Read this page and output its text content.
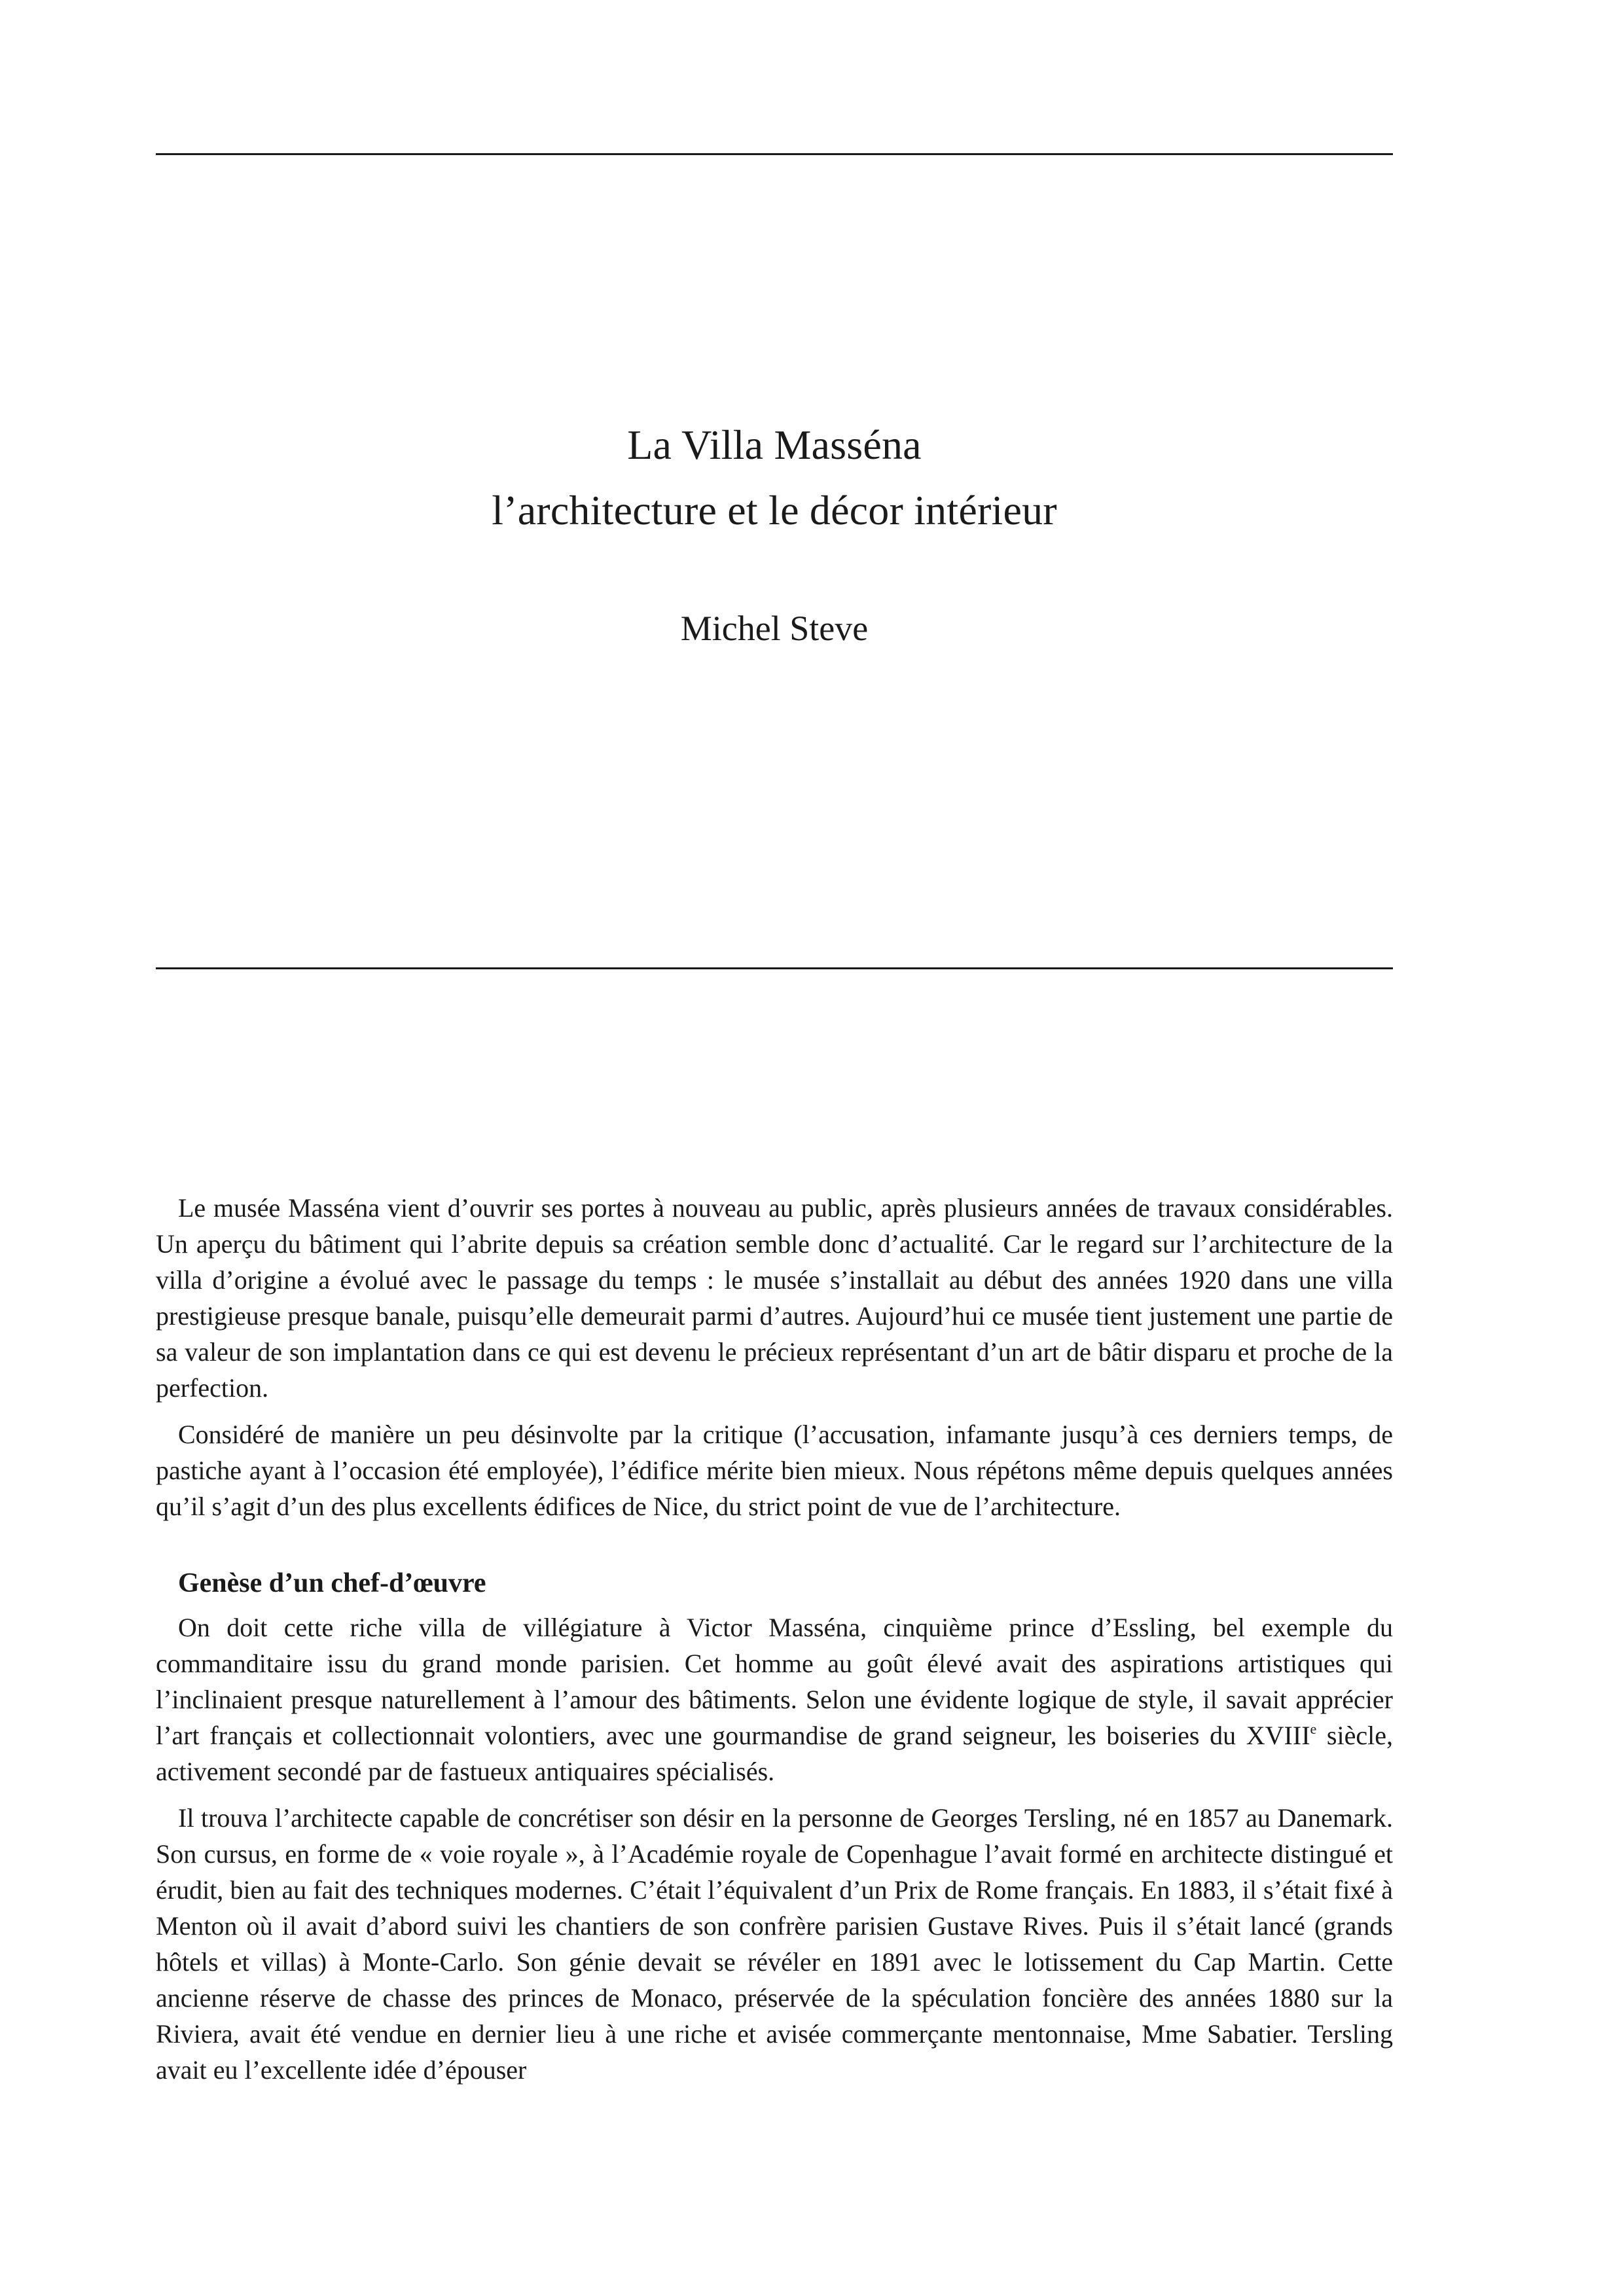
La Villa Masséna
l’architecture et le décor intérieur
Michel Steve

Le musée Masséna vient d’ouvrir ses portes à nouveau au public, après plusieurs années de travaux considérables. Un aperçu du bâtiment qui l’abrite depuis sa création semble donc d’actualité. Car le regard sur l’architecture de la villa d’origine a évolué avec le passage du temps : le musée s’installait au début des années 1920 dans une villa prestigieuse presque banale, puisqu’elle demeurait parmi d’autres. Aujourd’hui ce musée tient justement une partie de sa valeur de son implantation dans ce qui est devenu le précieux représentant d’un art de bâtir disparu et proche de la perfection.

Considéré de manière un peu désinvolte par la critique (l’accusation, infamante jusqu’à ces derniers temps, de pastiche ayant à l’occasion été employée), l’édifice mérite bien mieux. Nous répétons même depuis quelques années qu’il s’agit d’un des plus excellents édifices de Nice, du strict point de vue de l’architecture.

Genèse d’un chef-d’œuvre

On doit cette riche villa de villégiature à Victor Masséna, cinquième prince d’Essling, bel exemple du commanditaire issu du grand monde parisien. Cet homme au goût élevé avait des aspirations artistiques qui l’inclinaient presque naturellement à l’amour des bâtiments. Selon une évidente logique de style, il savait apprécier l’art français et collectionnait volontiers, avec une gourmandise de grand seigneur, les boiseries du XVIIIe siècle, activement secondé par de fastueux antiquaires spécialisés.

Il trouva l’architecte capable de concrétiser son désir en la personne de Georges Tersling, né en 1857 au Danemark. Son cursus, en forme de « voie royale », à l’Académie royale de Copenhague l’avait formé en architecte distingué et érudit, bien au fait des techniques modernes. C’était l’équivalent d’un Prix de Rome français. En 1883, il s’était fixé à Menton où il avait d’abord suivi les chantiers de son confrère parisien Gustave Rives. Puis il s’était lancé (grands hôtels et villas) à Monte-Carlo. Son génie devait se révéler en 1891 avec le lotissement du Cap Martin. Cette ancienne réserve de chasse des princes de Monaco, préservée de la spéculation foncière des années 1880 sur la Riviera, avait été vendue en dernier lieu à une riche et avisée commerçante mentonnaise, Mme Sabatier. Tersling avait eu l’excellente idée d’épouser
